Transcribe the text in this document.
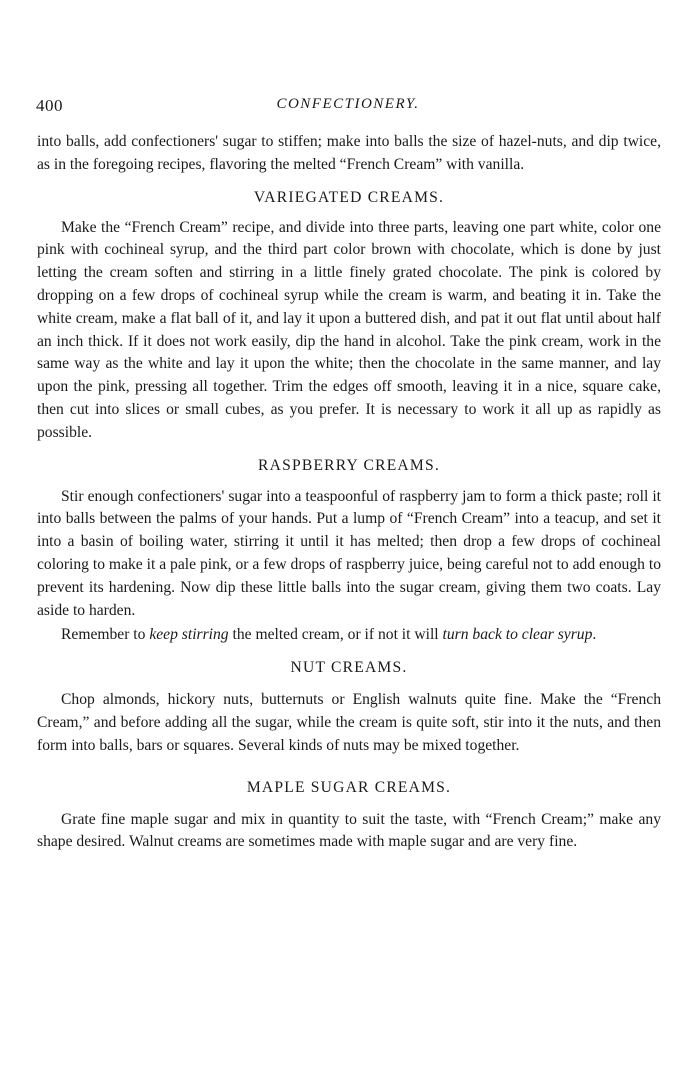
400	CONFECTIONERY.

into balls, add confectioners' sugar to stiffen; make into balls the size of hazel-nuts, and dip twice, as in the foregoing recipes, flavoring the melted “French Cream” with vanilla.

VARIEGATED CREAMS.

Make the “French Cream” recipe, and divide into three parts, leaving one part white, color one pink with cochineal syrup, and the third part color brown with chocolate, which is done by just letting the cream soften and stirring in a little finely grated chocolate. The pink is colored by dropping on a few drops of cochineal syrup while the cream is warm, and beating it in. Take the white cream, make a flat ball of it, and lay it upon a buttered dish, and pat it out flat until about half an inch thick. If it does not work easily, dip the hand in alcohol. Take the pink cream, work in the same way as the white and lay it upon the white; then the chocolate in the same manner, and lay upon the pink, pressing all together. Trim the edges off smooth, leaving it in a nice, square cake, then cut into slices or small cubes, as you prefer. It is necessary to work it all up as rapidly as possible.

RASPBERRY CREAMS.

Stir enough confectioners' sugar into a teaspoonful of raspberry jam to form a thick paste; roll it into balls between the palms of your hands. Put a lump of “French Cream” into a teacup, and set it into a basin of boiling water, stirring it until it has melted; then drop a few drops of cochineal coloring to make it a pale pink, or a few drops of raspberry juice, being careful not to add enough to prevent its hardening. Now dip these little balls into the sugar cream, giving them two coats. Lay aside to harden.

Remember to keep stirring the melted cream, or if not it will turn back to clear syrup.

NUT CREAMS.

Chop almonds, hickory nuts, butternuts or English walnuts quite fine. Make the “French Cream,” and before adding all the sugar, while the cream is quite soft, stir into it the nuts, and then form into balls, bars or squares. Several kinds of nuts may be mixed together.

MAPLE SUGAR CREAMS.

Grate fine maple sugar and mix in quantity to suit the taste, with “French Cream;” make any shape desired. Walnut creams are sometimes made with maple sugar and are very fine.
